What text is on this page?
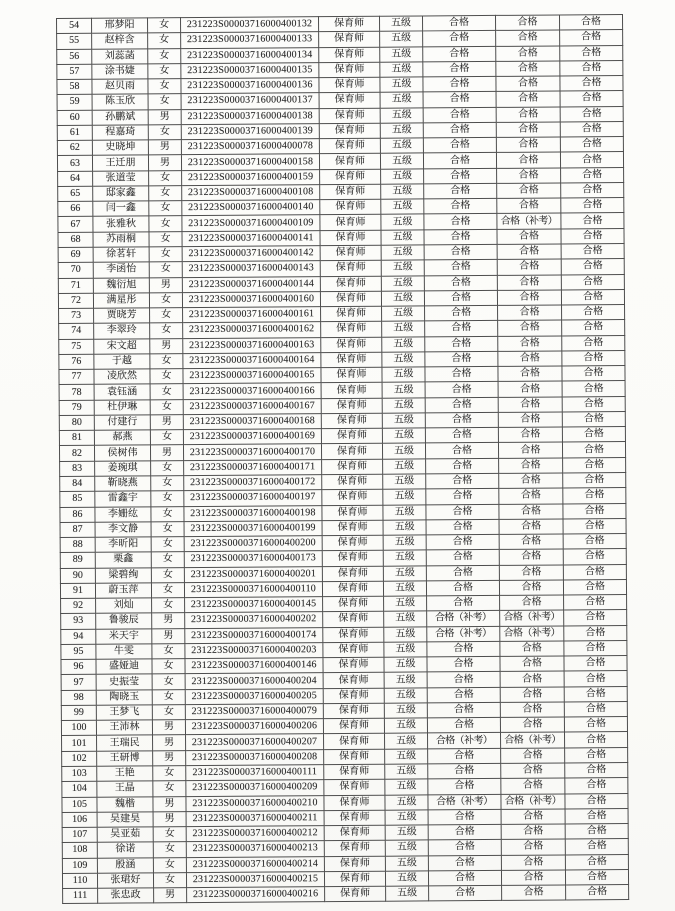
54	邢梦阳	女	231223S00003716000400132	保育师	五级	合格	合格	合格
55	赵梓含	女	231223S00003716000400133	保育师	五级	合格	合格	合格
56	刘蕊菡	女	231223S00003716000400134	保育师	五级	合格	合格	合格
57	涂书婕	女	231223S00003716000400135	保育师	五级	合格	合格	合格
58	赵贝雨	女	231223S00003716000400136	保育师	五级	合格	合格	合格
59	陈玉欣	女	231223S00003716000400137	保育师	五级	合格	合格	合格
60	孙鹏斌	男	231223S00003716000400138	保育师	五级	合格	合格	合格
61	程嘉琦	女	231223S00003716000400139	保育师	五级	合格	合格	合格
62	史晓坤	男	231223S00003716000400078	保育师	五级	合格	合格	合格
63	王迁朋	男	231223S00003716000400158	保育师	五级	合格	合格	合格
64	张道莹	女	231223S00003716000400159	保育师	五级	合格	合格	合格
65	邸家鑫	女	231223S00003716000400108	保育师	五级	合格	合格	合格
66	闫一鑫	女	231223S00003716000400140	保育师	五级	合格	合格	合格
67	张雅秋	女	231223S00003716000400109	保育师	五级	合格	合格（补考）	合格
68	苏雨桐	女	231223S00003716000400141	保育师	五级	合格	合格	合格
69	徐茗轩	女	231223S00003716000400142	保育师	五级	合格	合格	合格
70	李函怡	女	231223S00003716000400143	保育师	五级	合格	合格	合格
71	魏衍旭	男	231223S00003716000400144	保育师	五级	合格	合格	合格
72	满星彤	女	231223S00003716000400160	保育师	五级	合格	合格	合格
73	贾晓芳	女	231223S00003716000400161	保育师	五级	合格	合格	合格
74	李翠玲	女	231223S00003716000400162	保育师	五级	合格	合格	合格
75	宋文超	男	231223S00003716000400163	保育师	五级	合格	合格	合格
76	于越	女	231223S00003716000400164	保育师	五级	合格	合格	合格
77	凌欣然	女	231223S00003716000400165	保育师	五级	合格	合格	合格
78	袁钰涵	女	231223S00003716000400166	保育师	五级	合格	合格	合格
79	杜伊琳	女	231223S00003716000400167	保育师	五级	合格	合格	合格
80	付建行	男	231223S00003716000400168	保育师	五级	合格	合格	合格
81	郝燕	女	231223S00003716000400169	保育师	五级	合格	合格	合格
82	侯树伟	男	231223S00003716000400170	保育师	五级	合格	合格	合格
83	姜琬琪	女	231223S00003716000400171	保育师	五级	合格	合格	合格
84	靳晓燕	女	231223S00003716000400172	保育师	五级	合格	合格	合格
85	雷鑫宇	女	231223S00003716000400197	保育师	五级	合格	合格	合格
86	李姗纮	女	231223S00003716000400198	保育师	五级	合格	合格	合格
87	李文静	女	231223S00003716000400199	保育师	五级	合格	合格	合格
88	李昕阳	女	231223S00003716000400200	保育师	五级	合格	合格	合格
89	栗鑫	女	231223S00003716000400173	保育师	五级	合格	合格	合格
90	梁碧绚	女	231223S00003716000400201	保育师	五级	合格	合格	合格
91	蔚玉萍	女	231223S00003716000400110	保育师	五级	合格	合格	合格
92	刘灿	女	231223S00003716000400145	保育师	五级	合格	合格	合格
93	鲁骏辰	男	231223S00003716000400202	保育师	五级	合格（补考）	合格（补考）	合格
94	米天宇	男	231223S00003716000400174	保育师	五级	合格（补考）	合格（补考）	合格
95	牛雯	女	231223S00003716000400203	保育师	五级	合格	合格	合格
96	盛娅迪	女	231223S00003716000400146	保育师	五级	合格	合格	合格
97	史振莹	女	231223S00003716000400204	保育师	五级	合格	合格	合格
98	陶晓玉	女	231223S00003716000400205	保育师	五级	合格	合格	合格
99	王梦飞	女	231223S00003716000400079	保育师	五级	合格	合格	合格
100	王沛林	男	231223S00003716000400206	保育师	五级	合格	合格	合格
101	王瑞民	男	231223S00003716000400207	保育师	五级	合格（补考）	合格（补考）	合格
102	王研博	男	231223S00003716000400208	保育师	五级	合格	合格	合格
103	王艳	女	231223S00003716000400111	保育师	五级	合格	合格	合格
104	王晶	女	231223S00003716000400209	保育师	五级	合格	合格	合格
105	魏楷	男	231223S00003716000400210	保育师	五级	合格（补考）	合格（补考）	合格
106	吴建昊	男	231223S00003716000400211	保育师	五级	合格	合格	合格
107	吴亚茹	女	231223S00003716000400212	保育师	五级	合格	合格	合格
108	徐诺	女	231223S00003716000400213	保育师	五级	合格	合格	合格
109	殷涵	女	231223S00003716000400214	保育师	五级	合格	合格	合格
110	张珺好	女	231223S00003716000400215	保育师	五级	合格	合格	合格
111	张忠政	男	231223S00003716000400216	保育师	五级	合格	合格	合格
